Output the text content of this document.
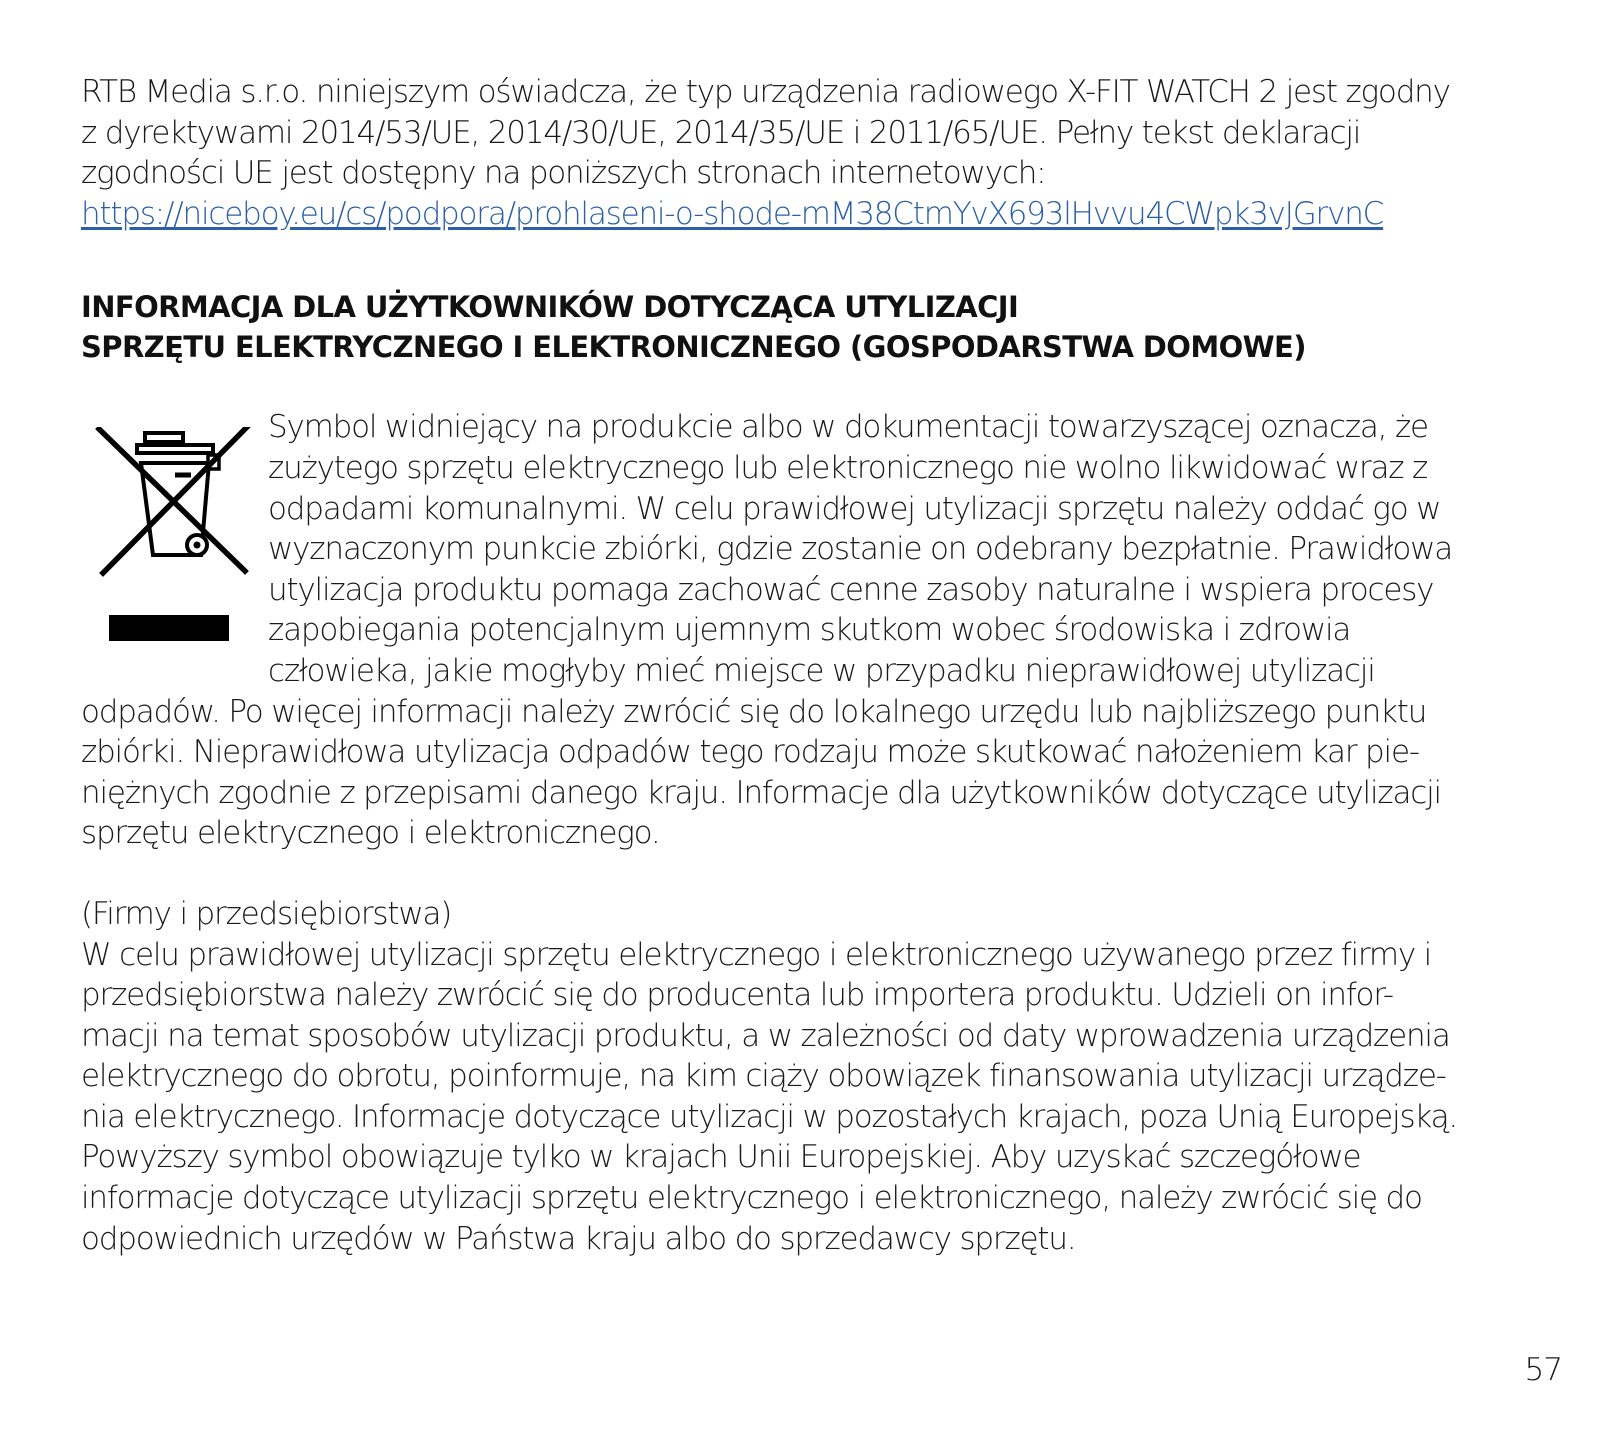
RTB Media s.r.o. niniejszym oświadcza, że typ urządzenia radiowego X-FIT WATCH 2 jest zgodny
z dyrektywami 2014/53/UE, 2014/30/UE, 2014/35/UE i 2011/65/UE. Pełny tekst deklaracji
zgodności UE jest dostępny na poniższych stronach internetowych:
https://niceboy.eu/cs/podpora/prohlaseni-o-shode-mM38CtmYvX693lHvvu4CWpk3vJGrvnC

INFORMACJA DLA UŻYTKOWNIKÓW DOTYCZĄCA UTYLIZACJI
SPRZĘTU ELEKTRYCZNEGO I ELEKTRONICZNEGO (GOSPODARSTWA DOMOWE)

Symbol widniejący na produkcie albo w dokumentacji towarzyszącej oznacza, że
zużytego sprzętu elektrycznego lub elektronicznego nie wolno likwidować wraz z
odpadami komunalnymi. W celu prawidłowej utylizacji sprzętu należy oddać go w
wyznaczonym punkcie zbiórki, gdzie zostanie on odebrany bezpłatnie. Prawidłowa
utylizacja produktu pomaga zachować cenne zasoby naturalne i wspiera procesy
zapobiegania potencjalnym ujemnym skutkom wobec środowiska i zdrowia
człowieka, jakie mogłyby mieć miejsce w przypadku nieprawidłowej utylizacji

odpadów. Po więcej informacji należy zwrócić się do lokalnego urzędu lub najbliższego punktu
zbiórki. Nieprawidłowa utylizacja odpadów tego rodzaju może skutkować nałożeniem kar pie-
niężnych zgodnie z przepisami danego kraju. Informacje dla użytkowników dotyczące utylizacji
sprzętu elektrycznego i elektronicznego.

(Firmy i przedsiębiorstwa)
W celu prawidłowej utylizacji sprzętu elektrycznego i elektronicznego używanego przez firmy i
przedsiębiorstwa należy zwrócić się do producenta lub importera produktu. Udzieli on infor-
macji na temat sposobów utylizacji produktu, a w zależności od daty wprowadzenia urządzenia
elektrycznego do obrotu, poinformuje, na kim ciąży obowiązek finansowania utylizacji urządze-
nia elektrycznego. Informacje dotyczące utylizacji w pozostałych krajach, poza Unią Europejską.
Powyższy symbol obowiązuje tylko w krajach Unii Europejskiej. Aby uzyskać szczegółowe
informacje dotyczące utylizacji sprzętu elektrycznego i elektronicznego, należy zwrócić się do
odpowiednich urzędów w Państwa kraju albo do sprzedawcy sprzętu.

57
